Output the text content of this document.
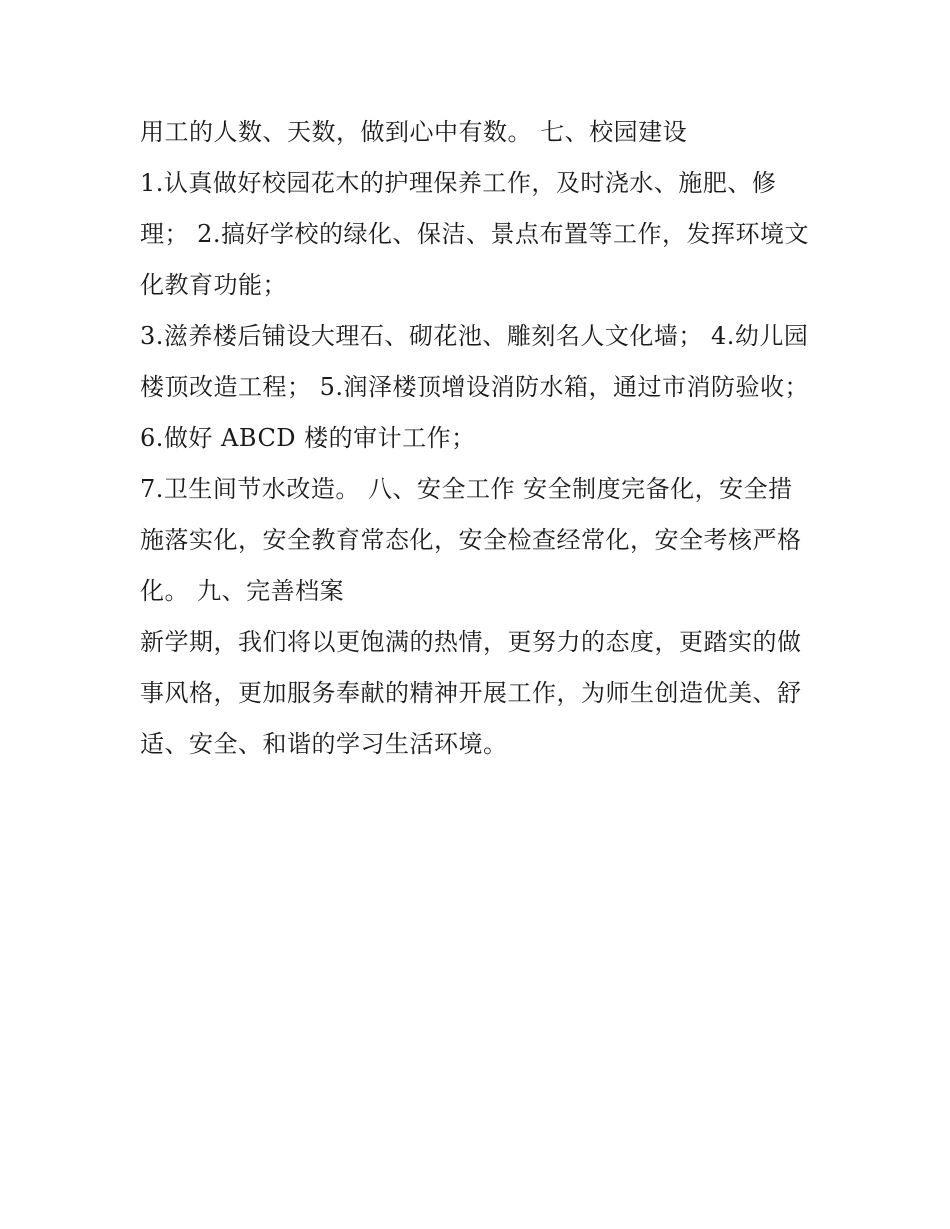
用工的人数、天数，做到心中有数。 七、校园建设
1.认真做好校园花木的护理保养工作，及时浇水、施肥、修
理； 2.搞好学校的绿化、保洁、景点布置等工作，发挥环境文
化教育功能；
3.滋养楼后铺设大理石、砌花池、雕刻名人文化墙； 4.幼儿园
楼顶改造工程； 5.润泽楼顶增设消防水箱，通过市消防验收；
6.做好 ABCD 楼的审计工作；
7.卫生间节水改造。 八、安全工作 安全制度完备化，安全措
施落实化，安全教育常态化，安全检查经常化，安全考核严格
化。 九、完善档案
新学期，我们将以更饱满的热情，更努力的态度，更踏实的做
事风格，更加服务奉献的精神开展工作，为师生创造优美、舒
适、安全、和谐的学习生活环境。
